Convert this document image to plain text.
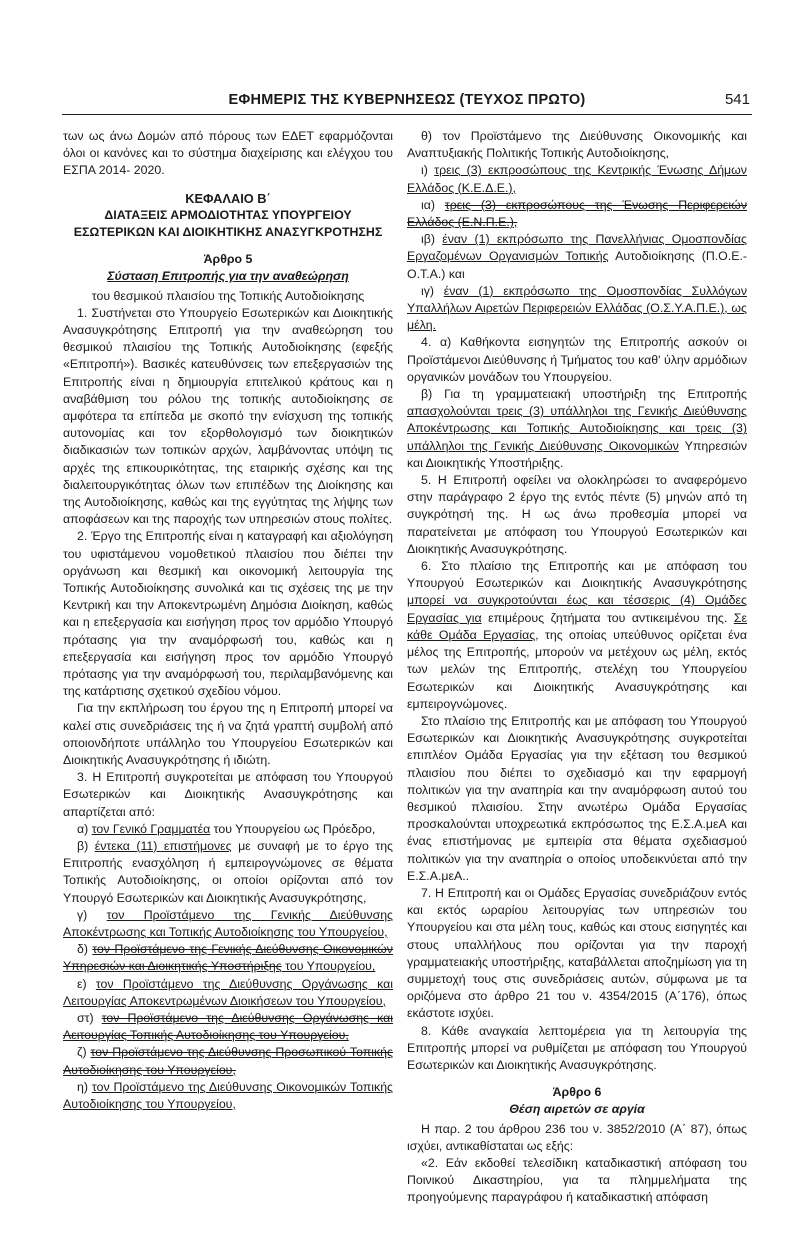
ΕΦΗΜΕΡΙΣ ΤΗΣ ΚΥΒΕΡΝΗΣΕΩΣ (ΤΕΥΧΟΣ ΠΡΩΤΟ)	541

των ως άνω Δομών από πόρους των ΕΔΕΤ εφαρμόζονται όλοι οι κανόνες και το σύστημα διαχείρισης και ελέγχου του ΕΣΠΑ 2014- 2020.

ΚΕΦΑΛΑΙΟ Β΄
ΔΙΑΤΑΞΕΙΣ ΑΡΜΟΔΙΟΤΗΤΑΣ ΥΠΟΥΡΓΕΙΟΥ
ΕΣΩΤΕΡΙΚΩΝ ΚΑΙ ΔΙΟΙΚΗΤΙΚΗΣ ΑΝΑΣΥΓΚΡΟΤΗΣΗΣ
Άρθρο 5
Σύσταση Επιτροπής για την αναθεώρηση

του θεσμικού πλαισίου της Τοπικής Αυτοδιοίκησης

1. Συστήνεται στο Υπουργείο Εσωτερικών και Διοικητικής Ανασυγκρότησης Επιτροπή για την αναθεώρηση του θεσμικού πλαισίου της Τοπικής Αυτοδιοίκησης (εφεξής «Επιτροπή»). Βασικές κατευθύνσεις των επεξεργασιών της Επιτροπής είναι η δημιουργία επιτελικού κράτους και η αναβάθμιση του ρόλου της τοπικής αυτοδιοίκησης σε αμφότερα τα επίπεδα με σκοπό την ενίσχυση της τοπικής αυτονομίας και τον εξορθολογισμό των διοικητικών διαδικασιών των τοπικών αρχών, λαμβάνοντας υπόψη τις αρχές της επικουρικότητας, της εταιρικής σχέσης και της διαλειτουργικότητας όλων των επιπέδων της Διοίκησης και της Αυτοδιοίκησης, καθώς και της εγγύτητας της λήψης των αποφάσεων και της παροχής των υπηρεσιών στους πολίτες.

2. Έργο της Επιτροπής είναι η καταγραφή και αξιολόγηση του υφιστάμενου νομοθετικού πλαισίου που διέπει την οργάνωση και θεσμική και οικονομική λειτουργία της Τοπικής Αυτοδιοίκησης συνολικά και τις σχέσεις της με την Κεντρική και την Αποκεντρωμένη Δημόσια Διοίκηση, καθώς και η επεξεργασία και εισήγηση προς τον αρμόδιο Υπουργό πρότασης για την αναμόρφωσή του, καθώς και η επεξεργασία και εισήγηση προς τον αρμόδιο Υπουργό πρότασης για την αναμόρφωσή του, περιλαμβανόμενης και της κατάρτισης σχετικού σχεδίου νόμου.

Για την εκπλήρωση του έργου της η Επιτροπή μπορεί να καλεί στις συνεδριάσεις της ή να ζητά γραπτή συμβολή από οποιονδήποτε υπάλληλο του Υπουργείου Εσωτερικών και Διοικητικής Ανασυγκρότησης ή ιδιώτη.

3. Η Επιτροπή συγκροτείται με απόφαση του Υπουργού Εσωτερικών και Διοικητικής Ανασυγκρότησης και απαρτίζεται από:

α) τον Γενικό Γραμματέα του Υπουργείου ως Πρόεδρο,

β) έντεκα (11) επιστήμονες με συναφή με το έργο της Επιτροπής ενασχόληση ή εμπειρογνώμονες σε θέματα Τοπικής Αυτοδιοίκησης, οι οποίοι ορίζονται από τον Υπουργό Εσωτερικών και Διοικητικής Ανασυγκρότησης,

γ) τον Προϊστάμενο της Γενικής Διεύθυνσης Αποκέντρωσης και Τοπικής Αυτοδιοίκησης του Υπουργείου,

δ) τον Προϊστάμενο της Γενικής Διεύθυνσης Οικονομικών Υπηρεσιών και Διοικητικής Υποστήριξης του Υπουργείου,

ε) τον Προϊστάμενο της Διεύθυνσης Οργάνωσης και Λειτουργίας Αποκεντρωμένων Διοικήσεων του Υπουργείου,

στ) τον Προϊστάμενο της Διεύθυνσης Οργάνωσης και Λειτουργίας Τοπικής Αυτοδιοίκησης του Υπουργείου,

ζ) τον Προϊστάμενο της Διεύθυνσης Προσωπικού Τοπικής Αυτοδιοίκησης του Υπουργείου,

η) τον Προϊστάμενο της Διεύθυνσης Οικονομικών Τοπικής Αυτοδιοίκησης του Υπουργείου,

θ) τον Προϊστάμενο της Διεύθυνσης Οικονομικής και Αναπτυξιακής Πολιτικής Τοπικής Αυτοδιοίκησης,

ι) τρεις (3) εκπροσώπους της Κεντρικής Ένωσης Δήμων Ελλάδος (Κ.Ε.Δ.Ε.),

ια) τρεις (3) εκπροσώπους της Ένωσης Περιφερειών Ελλάδος (Ε.Ν.Π.Ε.),

ιβ) έναν (1) εκπρόσωπο της Πανελλήνιας Ομοσπονδίας Εργαζομένων Οργανισμών Τοπικής Αυτοδιοίκησης (Π.Ο.Ε.-Ο.Τ.Α.) και

ιγ) έναν (1) εκπρόσωπο της Ομοσπονδίας Συλλόγων Υπαλλήλων Αιρετών Περιφερειών Ελλάδας (Ο.Σ.Υ.Α.Π.Ε.), ως μέλη.

4. α) Καθήκοντα εισηγητών της Επιτροπής ασκούν οι Προϊστάμενοι Διεύθυνσης ή Τμήματος του καθ' ύλην αρμόδιων οργανικών μονάδων του Υπουργείου.

β) Για τη γραμματειακή υποστήριξη της Επιτροπής απασχολούνται τρεις (3) υπάλληλοι της Γενικής Διεύθυνσης Αποκέντρωσης και Τοπικής Αυτοδιοίκησης και τρεις (3) υπάλληλοι της Γενικής Διεύθυνσης Οικονομικών Υπηρεσιών και Διοικητικής Υποστήριξης.

5. Η Επιτροπή οφείλει να ολοκληρώσει το αναφερόμενο στην παράγραφο 2 έργο της εντός πέντε (5) μηνών από τη συγκρότησή της. Η ως άνω προθεσμία μπορεί να παρατείνεται με απόφαση του Υπουργού Εσωτερικών και Διοικητικής Ανασυγκρότησης.

6. Στο πλαίσιο της Επιτροπής και με απόφαση του Υπουργού Εσωτερικών και Διοικητικής Ανασυγκρότησης μπορεί να συγκροτούνται έως και τέσσερις (4) Ομάδες Εργασίας για επιμέρους ζητήματα του αντικειμένου της. Σε κάθε Ομάδα Εργασίας, της οποίας υπεύθυνος ορίζεται ένα μέλος της Επιτροπής, μπορούν να μετέχουν ως μέλη, εκτός των μελών της Επιτροπής, στελέχη του Υπουργείου Εσωτερικών και Διοικητικής Ανασυγκρότησης και εμπειρογνώμονες.

Στο πλαίσιο της Επιτροπής και με απόφαση του Υπουργού Εσωτερικών και Διοικητικής Ανασυγκρότησης συγκροτείται επιπλέον Ομάδα Εργασίας για την εξέταση του θεσμικού πλαισίου που διέπει το σχεδιασμό και την εφαρμογή πολιτικών για την αναπηρία και την αναμόρφωση αυτού του θεσμικού πλαισίου. Στην ανωτέρω Ομάδα Εργασίας προσκαλούνται υποχρεωτικά εκπρόσωπος της Ε.Σ.Α.μεΑ και ένας επιστήμονας με εμπειρία στα θέματα σχεδιασμού πολιτικών για την αναπηρία ο οποίος υποδεικνύεται από την Ε.Σ.Α.μεΑ..

7. Η Επιτροπή και οι Ομάδες Εργασίας συνεδριάζουν εντός και εκτός ωραρίου λειτουργίας των υπηρεσιών του Υπουργείου και στα μέλη τους, καθώς και στους εισηγητές και στους υπαλλήλους που ορίζονται για την παροχή γραμματειακής υποστήριξης, καταβάλλεται αποζημίωση για τη συμμετοχή τους στις συνεδριάσεις αυτών, σύμφωνα με τα οριζόμενα στο άρθρο 21 του ν. 4354/2015 (Α΄176), όπως εκάστοτε ισχύει.

8. Κάθε αναγκαία λεπτομέρεια για τη λειτουργία της Επιτροπής μπορεί να ρυθμίζεται με απόφαση του Υπουργού Εσωτερικών και Διοικητικής Ανασυγκρότησης.

Άρθρο 6
Θέση αιρετών σε αργία

Η παρ. 2 του άρθρου 236 του ν. 3852/2010 (Α΄ 87), όπως ισχύει, αντικαθίσταται ως εξής:

«2. Εάν εκδοθεί τελεσίδικη καταδικαστική απόφαση του Ποινικού Δικαστηρίου, για τα πλημμελήματα της προηγούμενης παραγράφου ή καταδικαστική απόφαση
